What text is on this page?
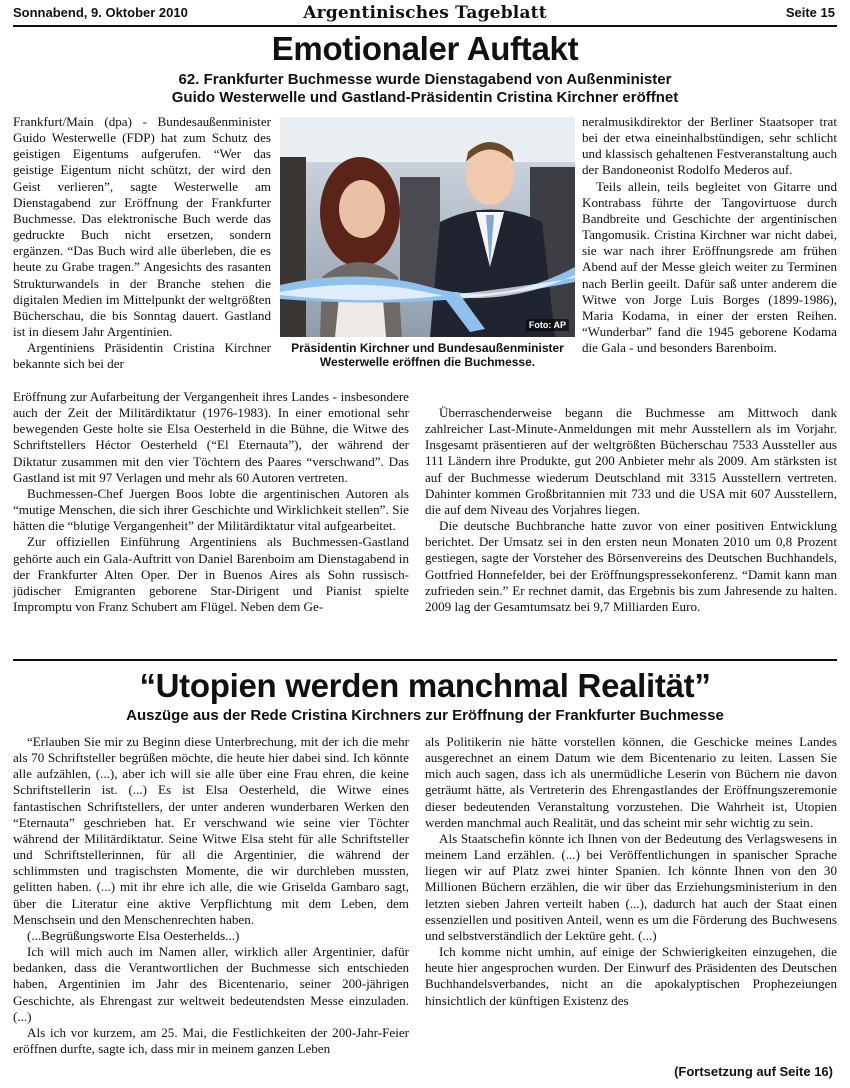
Sonnabend, 9. Oktober 2010	Argentinisches Tageblatt	Seite 15
Emotionaler Auftakt
62. Frankfurter Buchmesse wurde Dienstagabend von Außenminister
Guido Westerwelle und Gastland-Präsidentin Cristina Kirchner eröffnet

Frankfurt/Main (dpa) - Bundesaußenminister Guido Westerwelle (FDP) hat zum Schutz des geistigen Eigentums aufgerufen. “Wer das geistige Eigentum nicht schützt, der wird den Geist verlieren”, sagte Westerwelle am Dienstagabend zur Eröffnung der Frankfurter Buchmesse. Das elektronische Buch werde das gedruckte Buch nicht ersetzen, sondern ergänzen. “Das Buch wird alle überleben, die es heute zu Grabe tragen.” Angesichts des rasanten Strukturwandels in der Branche stehen die digitalen Medien im Mittelpunkt der weltgrößten Bücherschau, die bis Sonntag dauert. Gastland ist in diesem Jahr Argentinien.

Argentiniens Präsidentin Cristina Kirchner bekannte sich bei der

Eröffnung zur Aufarbeitung der Vergangenheit ihres Landes - insbesondere auch der Zeit der Militärdiktatur (1976-1983). In einer emotional sehr bewegenden Geste holte sie Elsa Oesterheld in die Bühne, die Witwe des Schriftstellers Héctor Oesterheld (“El Eternauta”), der während der Diktatur zusammen mit den vier Töchtern des Paares “verschwand”. Das Gastland ist mit 97 Verlagen und mehr als 60 Autoren vertreten.

Buchmessen-Chef Juergen Boos lobte die argentinischen Autoren als “mutige Menschen, die sich ihrer Geschichte und Wirklichkeit stellen”. Sie hätten die “blutige Vergangenheit” der Militärdiktatur vital aufgearbeitet.

Zur offiziellen Einführung Argentiniens als Buchmessen-Gastland gehörte auch ein Gala-Auftritt von Daniel Barenboim am Dienstagabend in der Frankfurter Alten Oper. Der in Buenos Aires als Sohn russisch-jüdischer Emigranten geborene Star-Dirigent und Pianist spielte Impromptu von Franz Schubert am Flügel. Neben dem Ge-

Foto: AP
Präsidentin Kirchner und Bundesaußenminister
Westerwelle eröffnen die Buchmesse.

neralmusikdirektor der Berliner Staatsoper trat bei der etwa eineinhalbstündigen, sehr schlicht und klassisch gehaltenen Festveranstaltung auch der Bandoneonist Rodolfo Mederos auf.

Teils allein, teils begleitet von Gitarre und Kontrabass führte der Tangovirtuose durch Bandbreite und Geschichte der argentinischen Tangomusik. Cristina Kirchner war nicht dabei, sie war nach ihrer Eröffnungsrede am frühen Abend auf der Messe gleich weiter zu Terminen nach Berlin geeilt. Dafür saß unter anderem die Witwe von Jorge Luis Borges (1899-1986), Maria Kodama, in einer der ersten Reihen. “Wunderbar” fand die 1945 geborene Kodama die Gala - und besonders Barenboim.

Überraschenderweise begann die Buchmesse am Mittwoch dank zahlreicher Last-Minute-Anmeldungen mit mehr Ausstellern als im Vorjahr. Insgesamt präsentieren auf der weltgrößten Bücherschau 7533 Aussteller aus 111 Ländern ihre Produkte, gut 200 Anbieter mehr als 2009. Am stärksten ist auf der Buchmesse wiederum Deutschland mit 3315 Ausstellern vertreten. Dahinter kommen Großbritannien mit 733 und die USA mit 607 Ausstellern, die auf dem Niveau des Vorjahres liegen.

Die deutsche Buchbranche hatte zuvor von einer positiven Entwicklung berichtet. Der Umsatz sei in den ersten neun Monaten 2010 um 0,8 Prozent gestiegen, sagte der Vorsteher des Börsenvereins des Deutschen Buchhandels, Gottfried Honnefelder, bei der Eröffnungspressekonferenz. “Damit kann man zufrieden sein.” Er rechnet damit, das Ergebnis bis zum Jahresende zu halten. 2009 lag der Gesamtumsatz bei 9,7 Milliarden Euro.

“Utopien werden manchmal Realität”
Auszüge aus der Rede Cristina Kirchners zur Eröffnung der Frankfurter Buchmesse

“Erlauben Sie mir zu Beginn diese Unterbrechung, mit der ich die mehr als 70 Schriftsteller begrüßen möchte, die heute hier dabei sind. Ich könnte alle aufzählen, (...), aber ich will sie alle über eine Frau ehren, die keine Schriftstellerin ist. (...) Es ist Elsa Oesterheld, die Witwe eines fantastischen Schriftstellers, der unter anderen wunderbaren Werken den “Eternauta” geschrieben hat. Er verschwand wie seine vier Töchter während der Militärdiktatur. Seine Witwe Elsa steht für alle Schriftsteller und Schriftstellerinnen, für all die Argentinier, die während der schlimmsten und tragischsten Momente, die wir durchleben mussten, gelitten haben. (...) mit ihr ehre ich alle, die wie Griselda Gambaro sagt, über die Literatur eine aktive Verpflichtung mit dem Leben, dem Menschsein und den Menschenrechten haben.

(...Begrüßungsworte Elsa Oesterhelds...)

Ich will mich auch im Namen aller, wirklich aller Argentinier, dafür bedanken, dass die Verantwortlichen der Buchmesse sich entschieden haben, Argentinien im Jahr des Bicentenario, seiner 200-jährigen Geschichte, als Ehrengast zur weltweit bedeutendsten Messe einzuladen. (...)

Als ich vor kurzem, am 25. Mai, die Festlichkeiten der 200-Jahr-Feier eröffnen durfte, sagte ich, dass mir in meinem ganzen Leben

als Politikerin nie hätte vorstellen können, die Geschicke meines Landes ausgerechnet an einem Datum wie dem Bicentenario zu leiten. Lassen Sie mich auch sagen, dass ich als unermüdliche Leserin von Büchern nie davon geträumt hätte, als Vertreterin des Ehrengastlandes der Eröffnungszeremonie dieser bedeutenden Veranstaltung vorzustehen. Die Wahrheit ist, Utopien werden manchmal auch Realität, und das scheint mir sehr wichtig zu sein.

Als Staatschefin könnte ich Ihnen von der Bedeutung des Verlagswesens in meinem Land erzählen. (...) bei Veröffentlichungen in spanischer Sprache liegen wir auf Platz zwei hinter Spanien. Ich könnte Ihnen von den 30 Millionen Büchern erzählen, die wir über das Erziehungsministerium in den letzten sieben Jahren verteilt haben (...), dadurch hat auch der Staat einen essenziellen und positiven Anteil, wenn es um die Förderung des Buchwesens und selbstverständlich der Lektüre geht. (...)

Ich komme nicht umhin, auf einige der Schwierigkeiten einzugehen, die heute hier angesprochen wurden. Der Einwurf des Präsidenten des Deutschen Buchhandelsverbandes, nicht an die apokalyptischen Prophezeiungen hinsichtlich der künftigen Existenz des

(Fortsetzung auf Seite 16)
